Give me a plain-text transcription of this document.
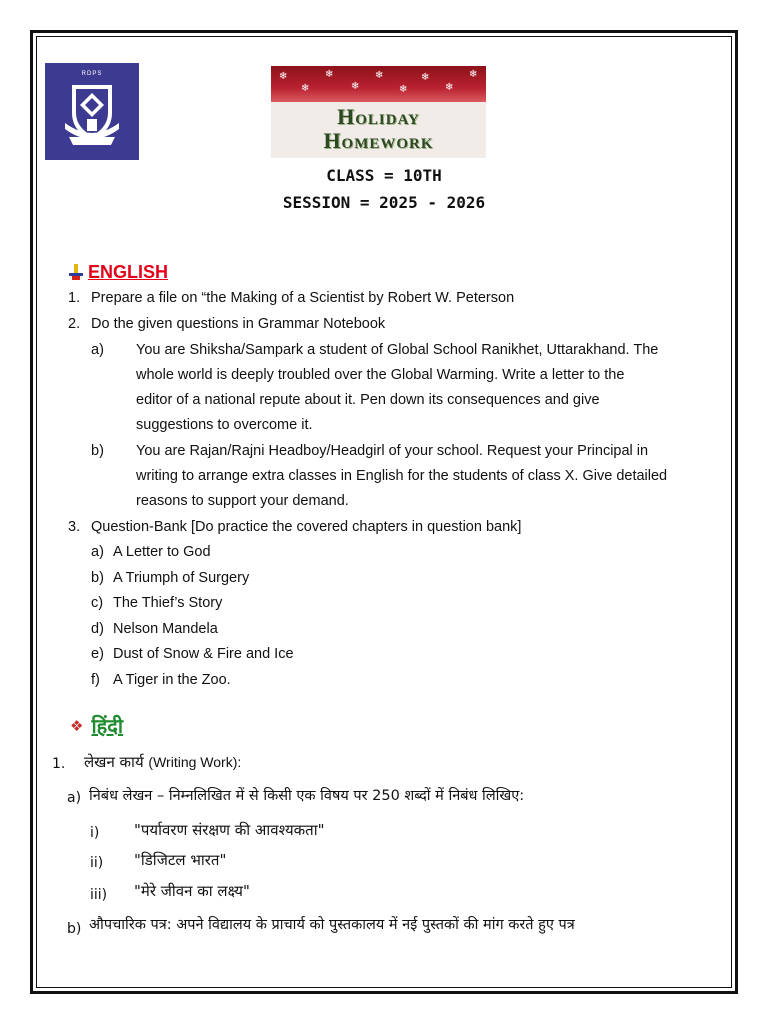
RDPS	❄
❄
❄
❄
❄
❄
❄
❄
❄
Holiday
Homework
CLASS = 10TH
SESSION = 2025 - 2026
ENGLISH
1. Prepare a file on “the Making of a Scientist by Robert W. Peterson
2. Do the given questions in Grammar Notebook
a) You are Shiksha/Sampark a student of Global School Ranikhet, Uttarakhand. The
whole world is deeply troubled over the Global Warming. Write a letter to the
editor of a national repute about it. Pen down its consequences and give
suggestions to overcome it.
b) You are Rajan/Rajni Headboy/Headgirl of your school. Request your Principal in
writing to arrange extra classes in English for the students of class X. Give detailed
reasons to support your demand.
3. Question-Bank [Do practice the covered chapters in question bank]
a) A Letter to God
b) A Triumph of Surgery
c) The Thief’s Story
d) Nelson Mandela
e) Dust of Snow & Fire and Ice
f) A Tiger in the Zoo.
❖ हिंदी
1. लेखन कार्य (Writing Work):
a) निबंध लेखन – निम्नलिखित में से किसी एक विषय पर 250 शब्दों में निबंध लिखिए:
i) "पर्यावरण संरक्षण की आवश्यकता"
ii) "डिजिटल भारत"
iii) "मेरे जीवन का लक्ष्य"
b) औपचारिक पत्र: अपने विद्यालय के प्राचार्य को पुस्तकालय में नई पुस्तकों की मांग करते हुए पत्र
